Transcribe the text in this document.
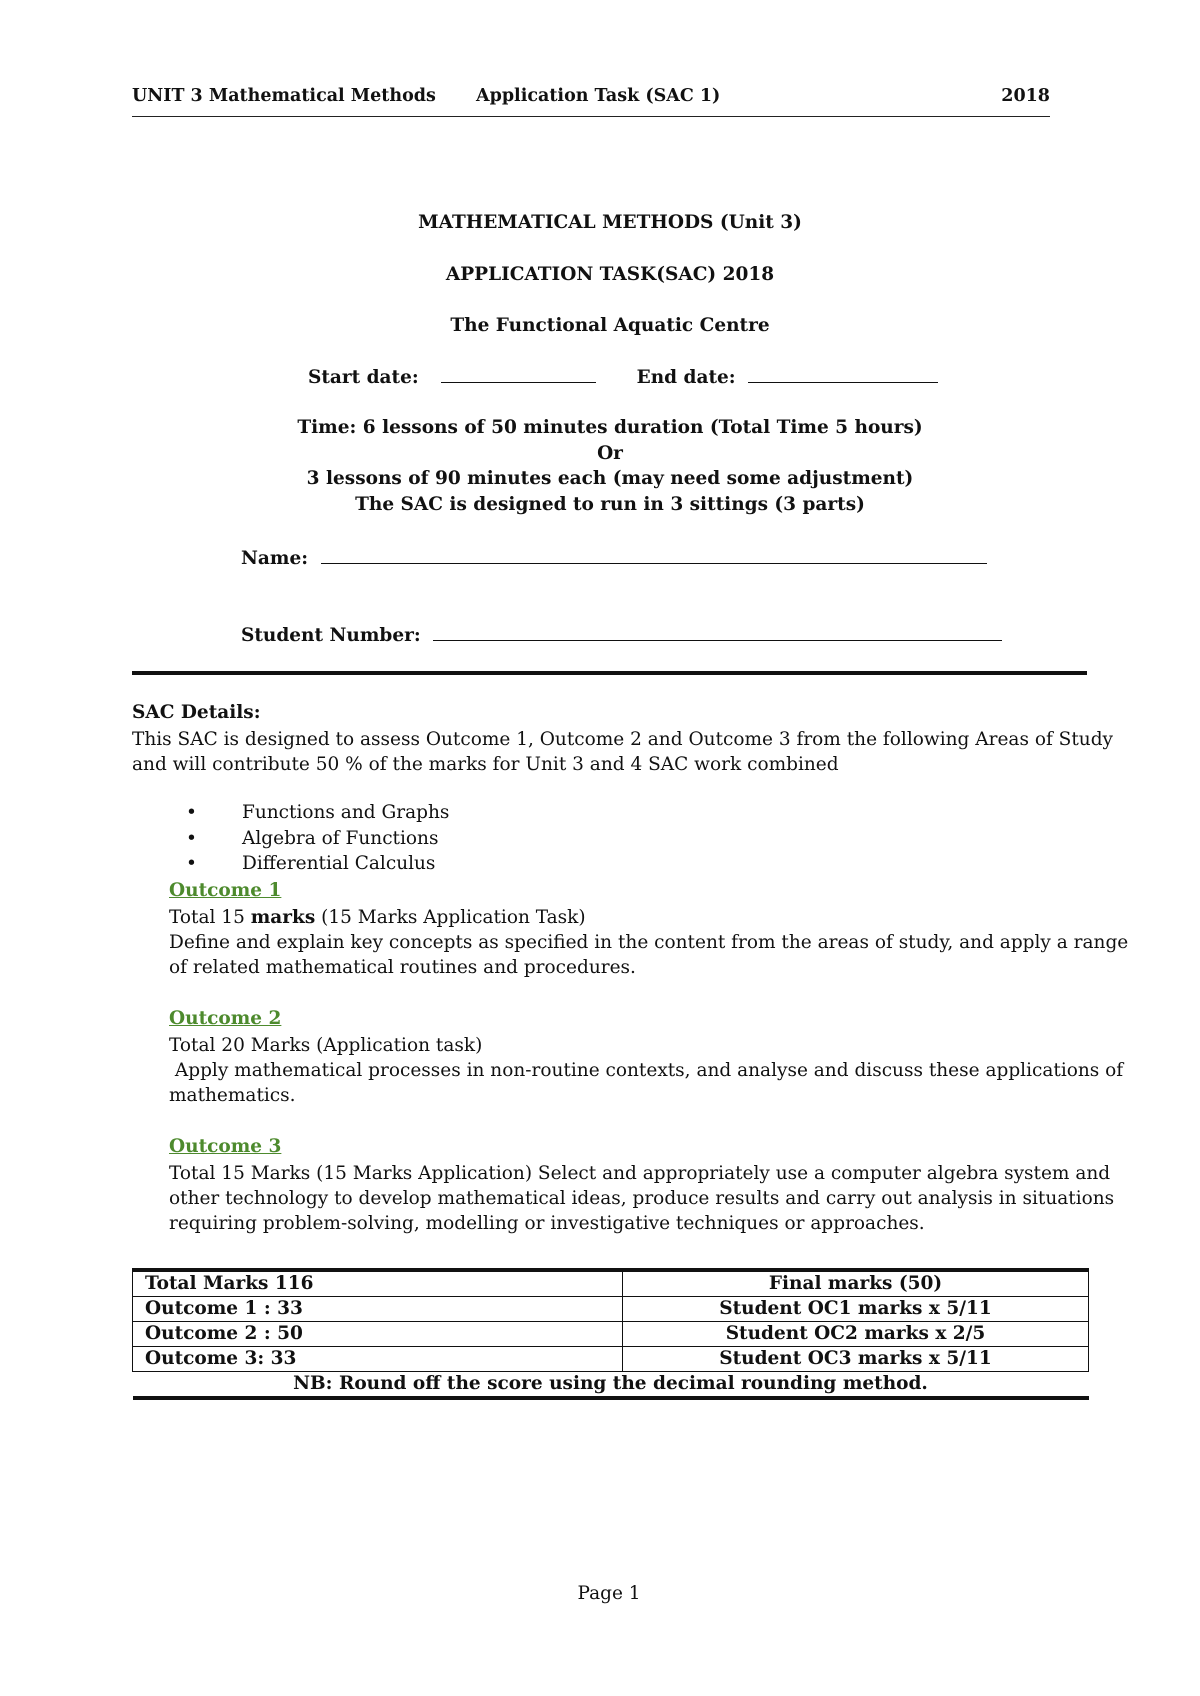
UNIT 3 Mathematical Methods Application Task (SAC 1)	2018
MATHEMATICAL METHODS (Unit 3)
APPLICATION TASK(SAC) 2018
The Functional Aquatic Centre
Start date:	End date:
Time: 6 lessons of 50 minutes duration (Total Time 5 hours)
Or
3 lessons of 90 minutes each (may need some adjustment)
The SAC is designed to run in 3 sittings (3 parts)
Name:
Student Number:
SAC Details:
This SAC is designed to assess Outcome 1, Outcome 2 and Outcome 3 from the following Areas of Study
and will contribute 50 % of the marks for Unit 3 and 4 SAC work combined
• Functions and Graphs
• Algebra of Functions
• Differential Calculus
Outcome 1
Total 15 marks (15 Marks Application Task)
Define and explain key concepts as specified in the content from the areas of study, and apply a range
of related mathematical routines and procedures.
Outcome 2
Total 20 Marks (Application task)
Apply mathematical processes in non-routine contexts, and analyse and discuss these applications of
mathematics.
Outcome 3
Total 15 Marks (15 Marks Application) Select and appropriately use a computer algebra system and
other technology to develop mathematical ideas, produce results and carry out analysis in situations
requiring problem-solving, modelling or investigative techniques or approaches.
Total Marks 116	Final marks (50)
Outcome 1 : 33	Student OC1 marks x 5/11
Outcome 2 : 50	Student OC2 marks x 2/5
Outcome 3: 33	Student OC3 marks x 5/11
NB: Round off the score using the decimal rounding method.	
Page 1
